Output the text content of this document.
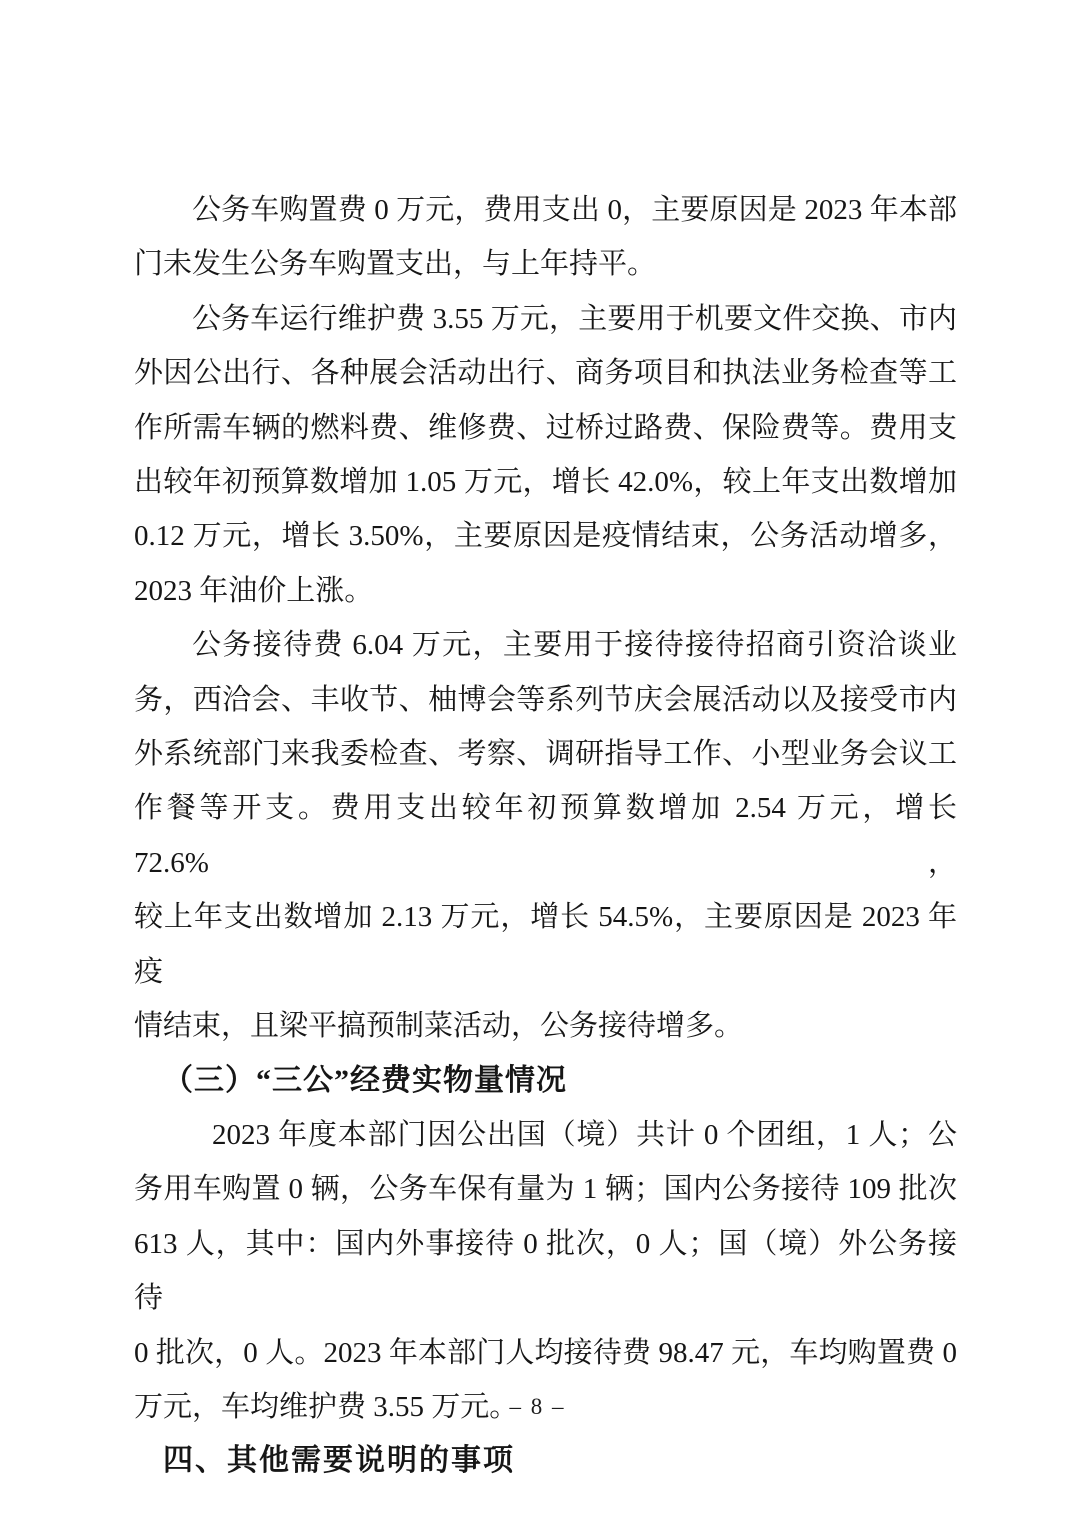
公务车购置费 0 万元，费用支出 0，主要原因是 2023 年本部
门未发生公务车购置支出，与上年持平。
公务车运行维护费 3.55 万元，主要用于机要文件交换、市内
外因公出行、各种展会活动出行、商务项目和执法业务检查等工
作所需车辆的燃料费、维修费、过桥过路费、保险费等。费用支
出较年初预算数增加 1.05 万元，增长 42.0%，较上年支出数增加
0.12 万元，增长 3.50%，主要原因是疫情结束，公务活动增多，
2023 年油价上涨。
公务接待费 6.04 万元，主要用于接待接待招商引资洽谈业
务，西洽会、丰收节、柚博会等系列节庆会展活动以及接受市内
外系统部门来我委检查、考察、调研指导工作、小型业务会议工
作餐等开支。费用支出较年初预算数增加 2.54 万元，增长 72.6%，
较上年支出数增加 2.13 万元，增长 54.5%，主要原因是 2023 年疫
情结束，且梁平搞预制菜活动，公务接待增多。
（三）“三公”经费实物量情况
2023 年度本部门因公出国（境）共计 0 个团组，1 人；公
务用车购置 0 辆，公务车保有量为 1 辆；国内公务接待 109 批次
613 人，其中：国内外事接待 0 批次，0 人；国（境）外公务接待
0 批次，0 人。2023 年本部门人均接待费 98.47 元，车均购置费 0
万元，车均维护费 3.55 万元。
四、其他需要说明的事项
– 8 –
